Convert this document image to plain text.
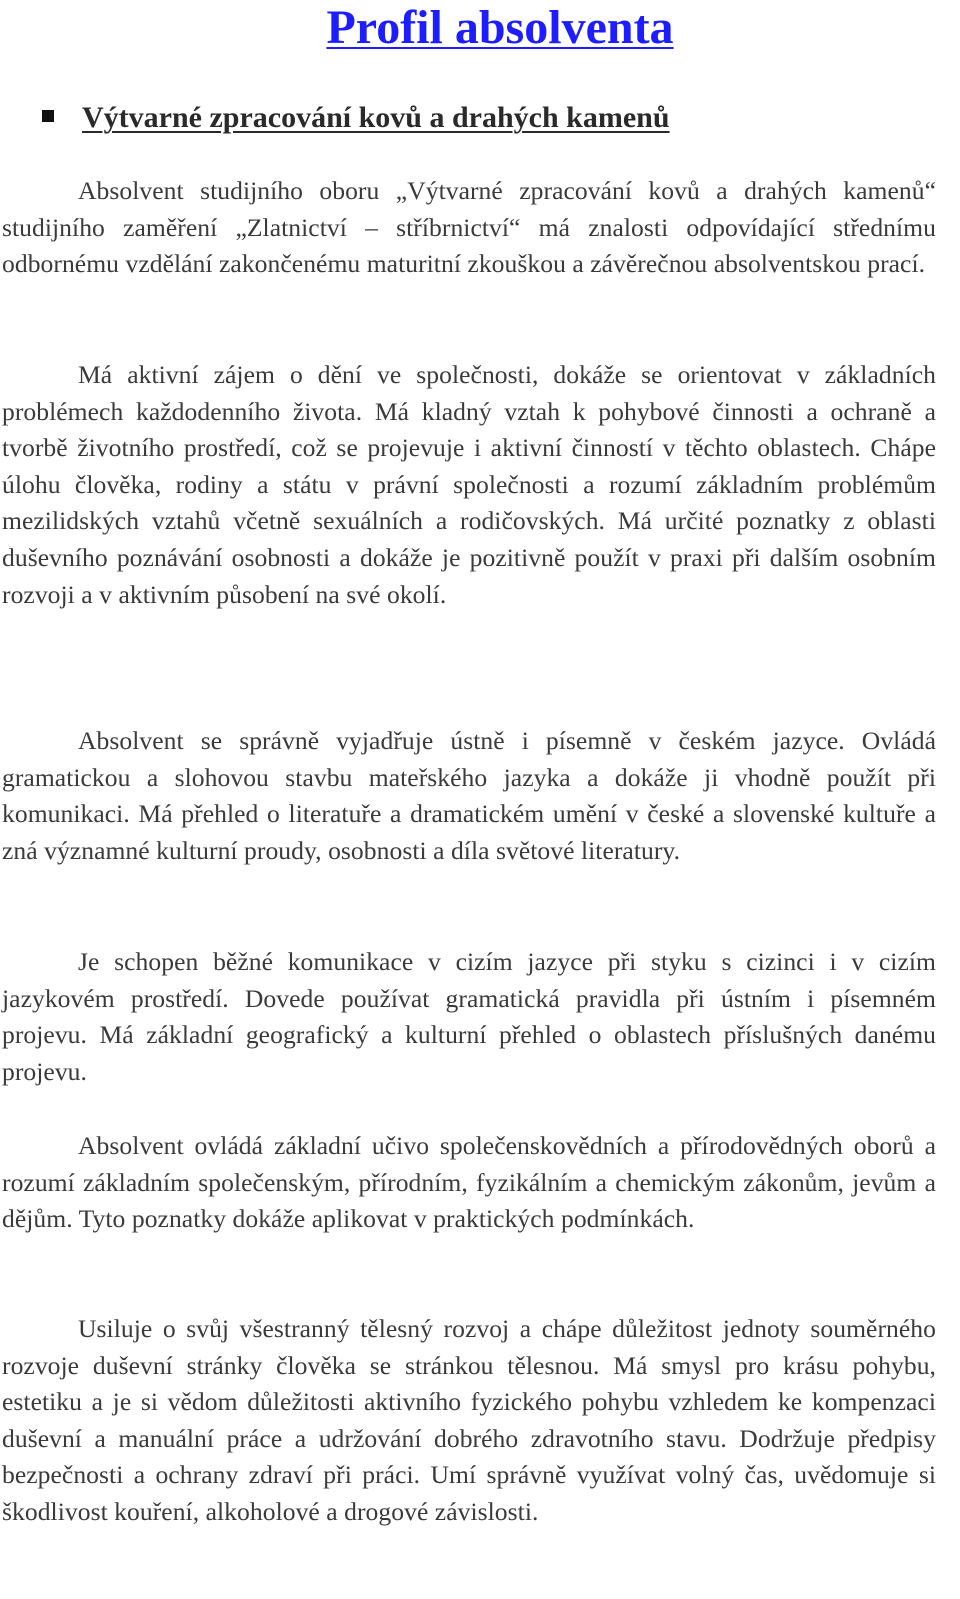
Profil absolventa
Výtvarné zpracování kovů a drahých kamenů

Absolvent studijního oboru „Výtvarné zpracování kovů a drahých kamenů“ studijního zaměření „Zlatnictví – stříbrnictví“ má znalosti odpovídající střednímu odbornému vzdělání zakončenému maturitní zkouškou a závěrečnou absolventskou prací.

Má aktivní zájem o dění ve společnosti, dokáže se orientovat v základních problémech každodenního života. Má kladný vztah k pohybové činnosti a ochraně a tvorbě životního prostředí, což se projevuje i aktivní činností v těchto oblastech. Chápe úlohu člověka, rodiny a státu v právní společnosti a rozumí základním problémům mezilidských vztahů včetně sexuálních a rodičovských. Má určité poznatky z oblasti duševního poznávání osobnosti a dokáže je pozitivně použít v praxi při dalším osobním rozvoji a v aktivním působení na své okolí.

Absolvent se správně vyjadřuje ústně i písemně v českém jazyce. Ovládá gramatickou a slohovou stavbu mateřského jazyka a dokáže ji vhodně použít při komunikaci. Má přehled o literatuře a dramatickém umění v české a slovenské kultuře a zná významné kulturní proudy, osobnosti a díla světové literatury.

Je schopen běžné komunikace v cizím jazyce při styku s cizinci i v cizím jazykovém prostředí. Dovede používat gramatická pravidla při ústním i písemném projevu. Má základní geografický a kulturní přehled o oblastech příslušných danému projevu.

Absolvent ovládá základní učivo společenskovědních a přírodovědných oborů a rozumí základním společenským, přírodním, fyzikálním a chemickým zákonům, jevům a dějům. Tyto poznatky dokáže aplikovat v praktických podmínkách.

Usiluje o svůj všestranný tělesný rozvoj a chápe důležitost jednoty souměrného rozvoje duševní stránky člověka se stránkou tělesnou. Má smysl pro krásu pohybu, estetiku a je si vědom důležitosti aktivního fyzického pohybu vzhledem ke kompenzaci duševní a manuální práce a udržování dobrého zdravotního stavu. Dodržuje předpisy bezpečnosti a ochrany zdraví při práci. Umí správně využívat volný čas, uvědomuje si škodlivost kouření, alkoholové a drogové závislosti.
